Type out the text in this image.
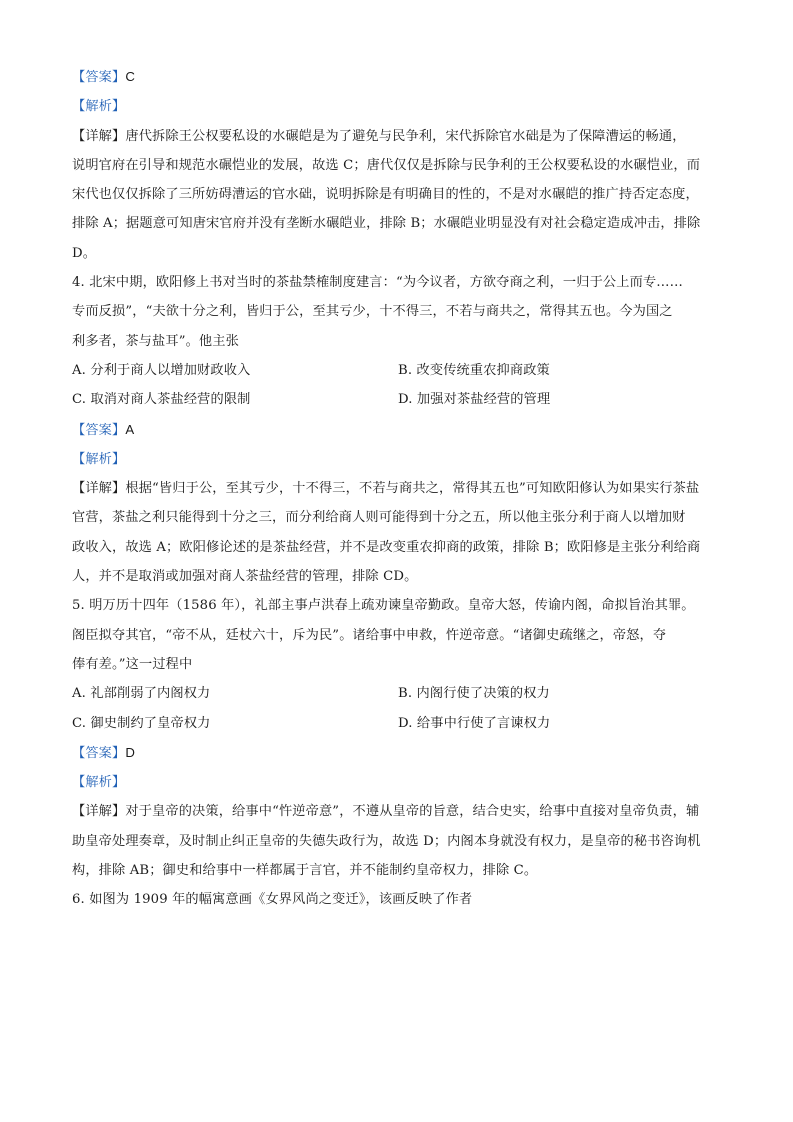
【答案】C
【解析】
【详解】唐代拆除王公权要私设的水碾皑是为了避免与民争利，宋代拆除官水础是为了保障漕运的畅通，
说明官府在引导和规范水碾恺业的发展，故选 C；唐代仅仅是拆除与民争利的王公权要私设的水碾恺业，而
宋代也仅仅拆除了三所妨碍漕运的官水础，说明拆除是有明确目的性的，不是对水碾皑的推广持否定态度，
排除 A；据题意可知唐宋官府并没有垄断水碾皑业，排除 B；水碾皑业明显没有对社会稳定造成冲击，排除
D。
4. 北宋中期，欧阳修上书对当时的茶盐禁榷制度建言：“为今议者，方欲夺商之利，一归于公上而专……
专而反损”，“夫欲十分之利，皆归于公，至其亏少，十不得三，不若与商共之，常得其五也。今为国之
利多者，茶与盐耳”。他主张
A. 分利于商人以增加财政收入	B. 改变传统重农抑商政策
C. 取消对商人茶盐经营的限制	D. 加强对茶盐经营的管理
【答案】A
【解析】
【详解】根据“皆归于公，至其亏少，十不得三，不若与商共之，常得其五也”可知欧阳修认为如果实行茶盐
官营，茶盐之利只能得到十分之三，而分利给商人则可能得到十分之五，所以他主张分利于商人以增加财
政收入，故选 A；欧阳修论述的是茶盐经营，并不是改变重农抑商的政策，排除 B；欧阳修是主张分利给商
人，并不是取消或加强对商人茶盐经营的管理，排除 CD。
5. 明万历十四年（1586 年），礼部主事卢洪春上疏劝谏皇帝勤政。皇帝大怒，传谕内阁，命拟旨治其罪。
阁臣拟夺其官，“帝不从，廷杖六十，斥为民”。诸给事中申救，忤逆帝意。“诸御史疏继之，帝怒，夺
俸有差。”这一过程中
A. 礼部削弱了内阁权力	B. 内阁行使了决策的权力
C. 御史制约了皇帝权力	D. 给事中行使了言谏权力
【答案】D
【解析】
【详解】对于皇帝的决策，给事中“忤逆帝意”，不遵从皇帝的旨意，结合史实，给事中直接对皇帝负责，辅
助皇帝处理奏章，及时制止纠正皇帝的失德失政行为，故选 D；内阁本身就没有权力，是皇帝的秘书咨询机
构，排除 AB；御史和给事中一样都属于言官，并不能制约皇帝权力，排除 C。
6. 如图为 1909 年的幅寓意画《女界风尚之变迁》，该画反映了作者
